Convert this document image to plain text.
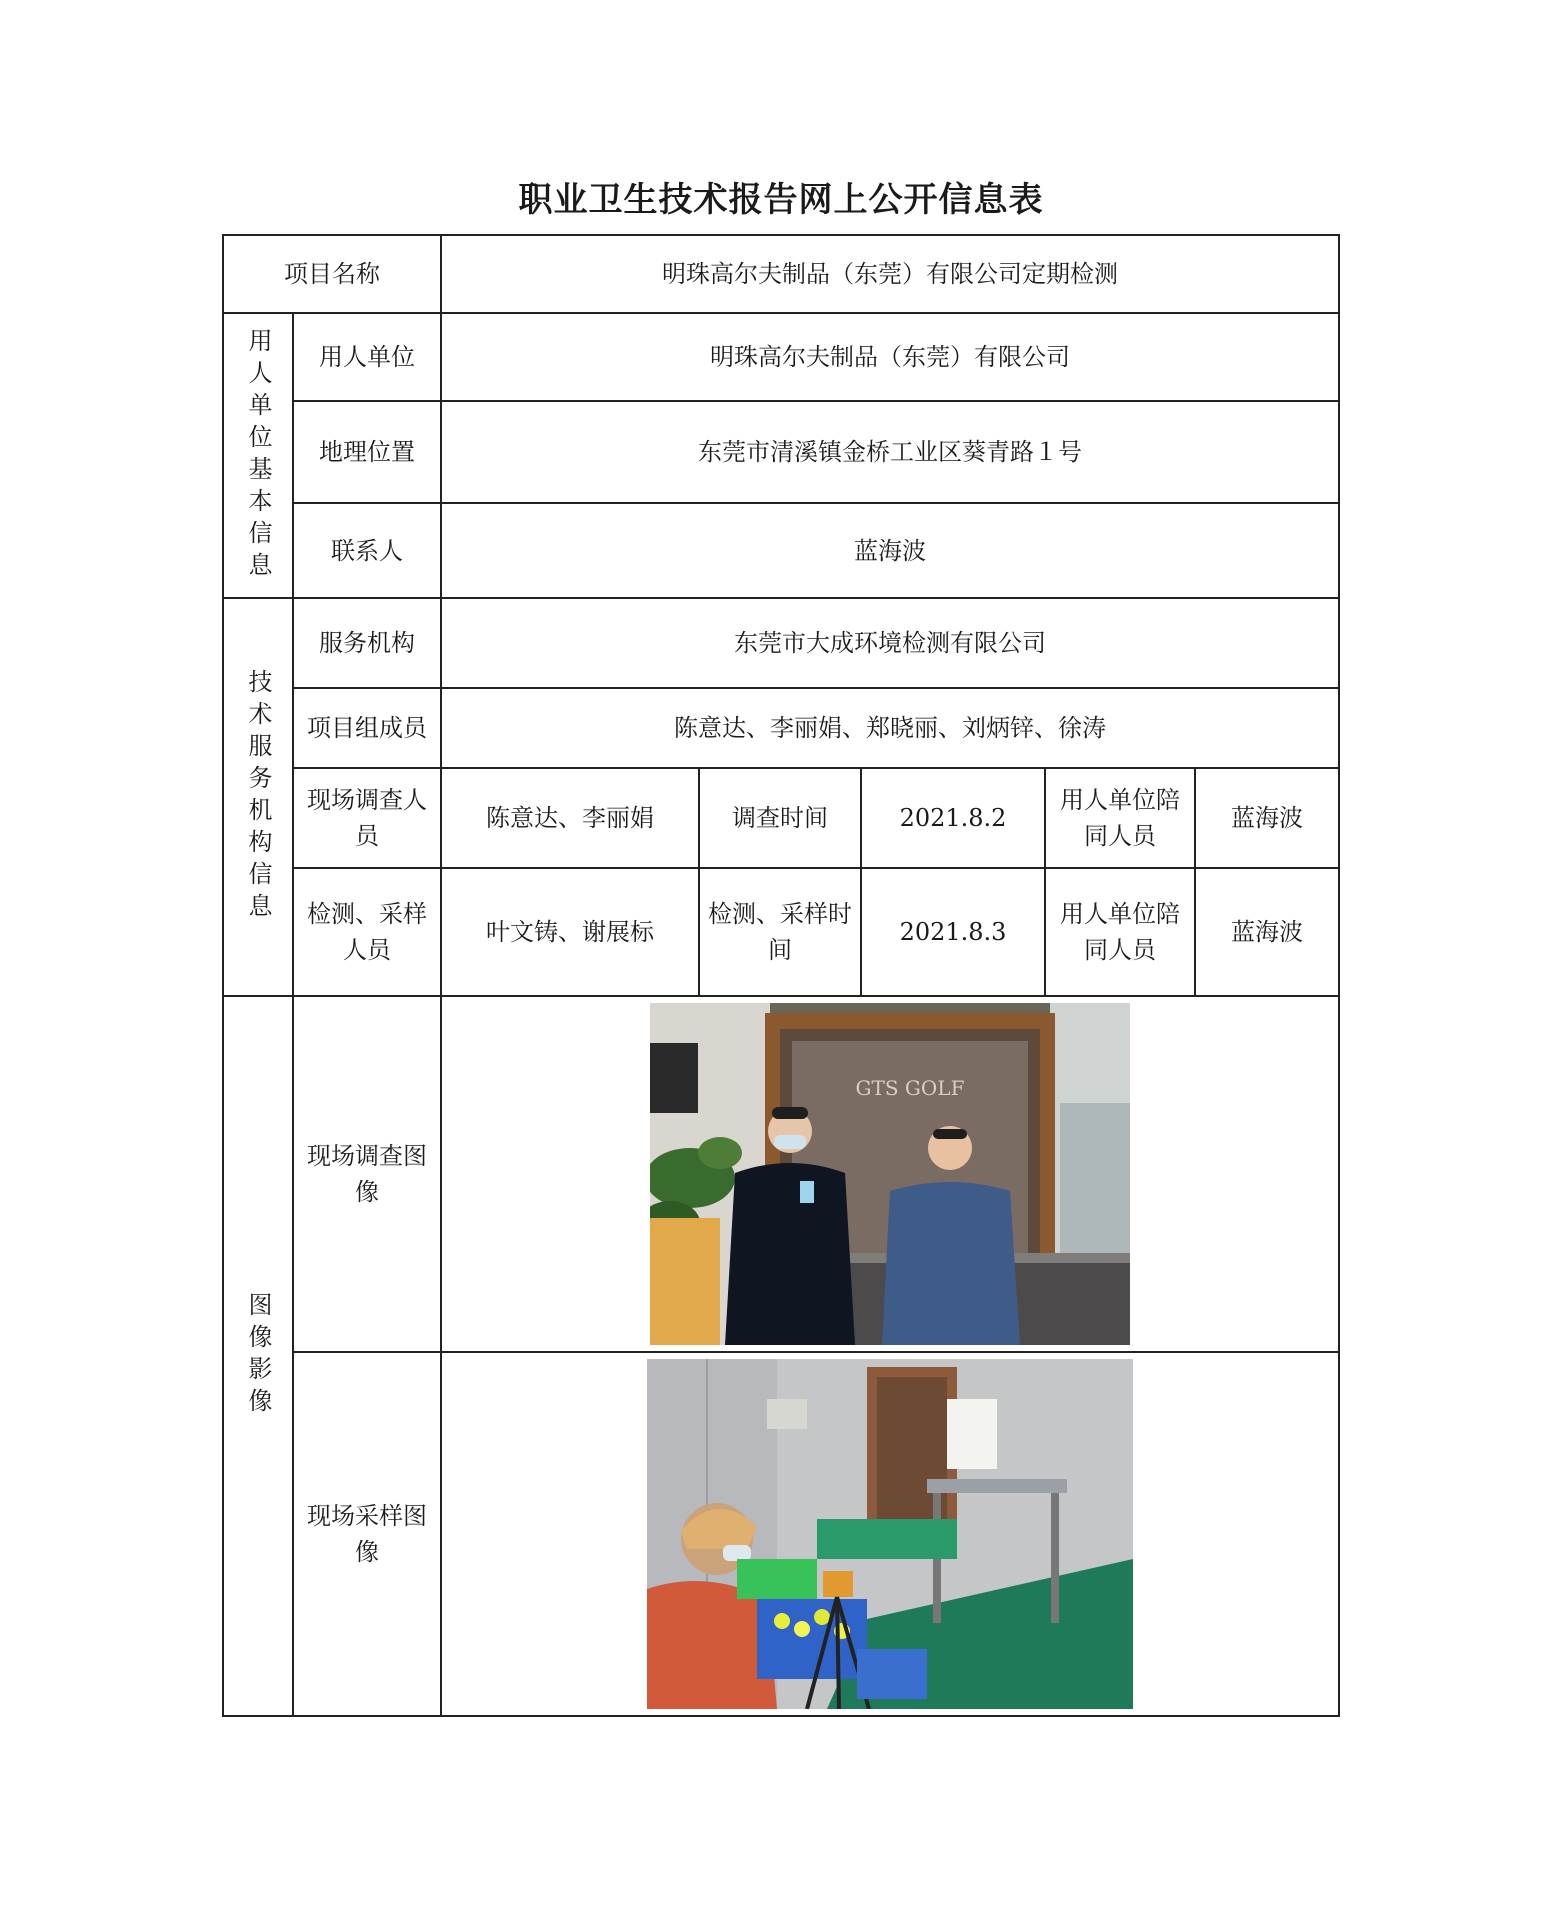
职业卫生技术报告网上公开信息表
项目名称		明珠高尔夫制品（东莞）有限公司定期检测				
用人单位基本信息	用人单位	明珠高尔夫制品（东莞）有限公司				
	地理位置	东莞市清溪镇金桥工业区葵青路１号				
	联系人	蓝海波				
技术服务机构信息	服务机构	东莞市大成环境检测有限公司				
	项目组成员	陈意达、李丽娟、郑晓丽、刘炳锌、徐涛				
	现场调查人员	陈意达、李丽娟	调查时间	2021.8.2	用人单位陪同人员	蓝海波
	检测、采样人员	叶文铸、谢展标	检测、采样时间	2021.8.3	用人单位陪同人员	蓝海波
图像影像	现场调查图像	GTS GOLF				

	现场采样图像	
